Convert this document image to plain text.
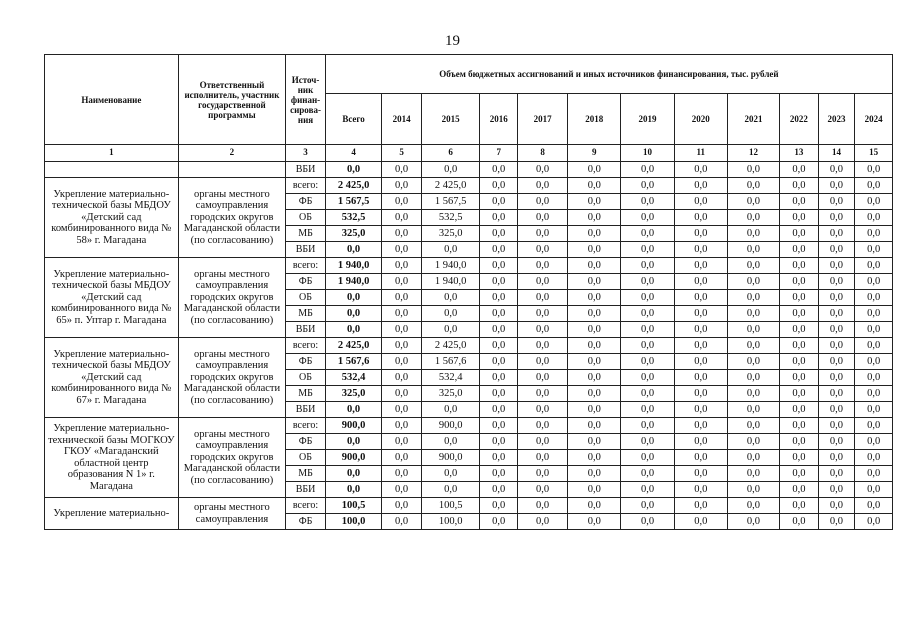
19
Наименование	Ответственный исполнитель, участник государственной программы	Источ-ник финан-сирова-ния	Объем бюджетных ассигнований и иных источников финансирования, тыс. рублей											
			Всего	2014	2015	2016	2017	2018	2019	2020	2021	2022	2023	2024
1	2	3	4	5	6	7	8	9	10	11	12	13	14	15
		ВБИ	0,0	0,0	0,0	0,0	0,0	0,0	0,0	0,0	0,0	0,0	0,0	0,0
Укрепление материально-технической базы МБДОУ «Детский сад комбинированного вида № 58» г. Магадана	органы местного самоуправления городских округов Магаданской области (по согласованию)	всего:	2 425,0	0,0	2 425,0	0,0	0,0	0,0	0,0	0,0	0,0	0,0	0,0	0,0
		ФБ	1 567,5	0,0	1 567,5	0,0	0,0	0,0	0,0	0,0	0,0	0,0	0,0	0,0
		ОБ	532,5	0,0	532,5	0,0	0,0	0,0	0,0	0,0	0,0	0,0	0,0	0,0
		МБ	325,0	0,0	325,0	0,0	0,0	0,0	0,0	0,0	0,0	0,0	0,0	0,0
		ВБИ	0,0	0,0	0,0	0,0	0,0	0,0	0,0	0,0	0,0	0,0	0,0	0,0
Укрепление материально-технической базы МБДОУ «Детский сад комбинированного вида № 65» п. Уптар г. Магадана	органы местного самоуправления городских округов Магаданской области (по согласованию)	всего:	1 940,0	0,0	1 940,0	0,0	0,0	0,0	0,0	0,0	0,0	0,0	0,0	0,0
		ФБ	1 940,0	0,0	1 940,0	0,0	0,0	0,0	0,0	0,0	0,0	0,0	0,0	0,0
		ОБ	0,0	0,0	0,0	0,0	0,0	0,0	0,0	0,0	0,0	0,0	0,0	0,0
		МБ	0,0	0,0	0,0	0,0	0,0	0,0	0,0	0,0	0,0	0,0	0,0	0,0
		ВБИ	0,0	0,0	0,0	0,0	0,0	0,0	0,0	0,0	0,0	0,0	0,0	0,0
Укрепление материально-технической базы МБДОУ «Детский сад комбинированного вида № 67» г. Магадана	органы местного самоуправления городских округов Магаданской области (по согласованию)	всего:	2 425,0	0,0	2 425,0	0,0	0,0	0,0	0,0	0,0	0,0	0,0	0,0	0,0
		ФБ	1 567,6	0,0	1 567,6	0,0	0,0	0,0	0,0	0,0	0,0	0,0	0,0	0,0
		ОБ	532,4	0,0	532,4	0,0	0,0	0,0	0,0	0,0	0,0	0,0	0,0	0,0
		МБ	325,0	0,0	325,0	0,0	0,0	0,0	0,0	0,0	0,0	0,0	0,0	0,0
		ВБИ	0,0	0,0	0,0	0,0	0,0	0,0	0,0	0,0	0,0	0,0	0,0	0,0
Укрепление материально-технической базы МОГКОУ ГКОУ «Магаданский областной центр образования N 1» г. Магадана	органы местного самоуправления городских округов Магаданской области (по согласованию)	всего:	900,0	0,0	900,0	0,0	0,0	0,0	0,0	0,0	0,0	0,0	0,0	0,0
		ФБ	0,0	0,0	0,0	0,0	0,0	0,0	0,0	0,0	0,0	0,0	0,0	0,0
		ОБ	900,0	0,0	900,0	0,0	0,0	0,0	0,0	0,0	0,0	0,0	0,0	0,0
		МБ	0,0	0,0	0,0	0,0	0,0	0,0	0,0	0,0	0,0	0,0	0,0	0,0
		ВБИ	0,0	0,0	0,0	0,0	0,0	0,0	0,0	0,0	0,0	0,0	0,0	0,0
Укрепление материально-	органы местного самоуправления	всего:	100,5	0,0	100,5	0,0	0,0	0,0	0,0	0,0	0,0	0,0	0,0	0,0
		ФБ	100,0	0,0	100,0	0,0	0,0	0,0	0,0	0,0	0,0	0,0	0,0	0,0
